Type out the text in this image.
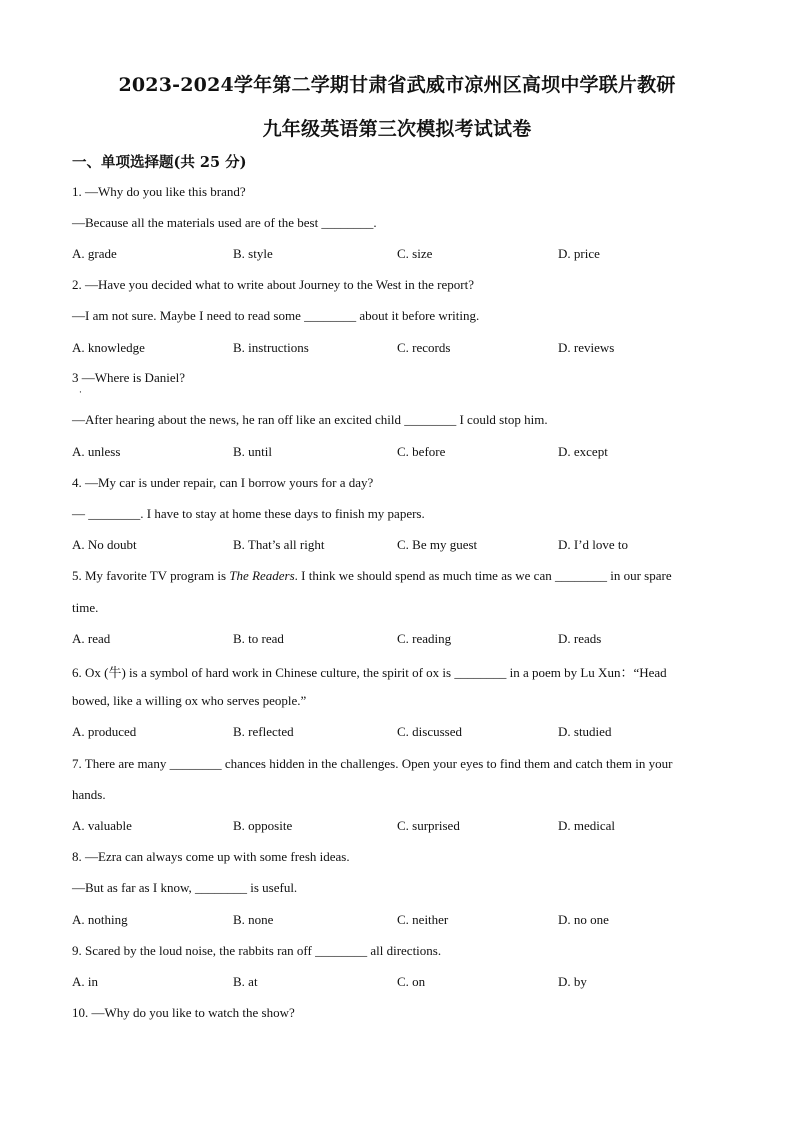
2023-2024学年第二学期甘肃省武威市凉州区高坝中学联片教研
九年级英语第三次模拟考试试卷
一、单项选择题(共 25 分)
1. —Why do you like this brand?
—Because all the materials used are of the best ________.
A. grade	B. style	C. size	D. price
2. —Have you decided what to write about Journey to the West in the report?
—I am not sure. Maybe I need to read some ________ about it before writing.
A. knowledge	B. instructions	C. records	D. reviews
3 —Where is Daniel?
·
—After hearing about the news, he ran off like an excited child ________ I could stop him.
A. unless	B. until	C. before	D. except
4. —My car is under repair, can I borrow yours for a day?
— ________. I have to stay at home these days to finish my papers.
A. No doubt	B. That’s all right	C. Be my guest	D. I’d love to
5. My favorite TV program is The Readers. I think we should spend as much time as we can ________ in our spare
time.
A. read	B. to read	C. reading	D. reads
6. Ox (牛) is a symbol of hard work in Chinese culture, the spirit of ox is ________ in a poem by Lu Xun：“Head
bowed, like a willing ox who serves people.”
A. produced	B. reflected	C. discussed	D. studied
7. There are many ________ chances hidden in the challenges. Open your eyes to find them and catch them in your
hands.
A. valuable	B. opposite	C. surprised	D. medical
8. —Ezra can always come up with some fresh ideas.
—But as far as I know, ________ is useful.
A. nothing	B. none	C. neither	D. no one
9. Scared by the loud noise, the rabbits ran off ________ all directions.
A. in	B. at	C. on	D. by
10. —Why do you like to watch the show?
